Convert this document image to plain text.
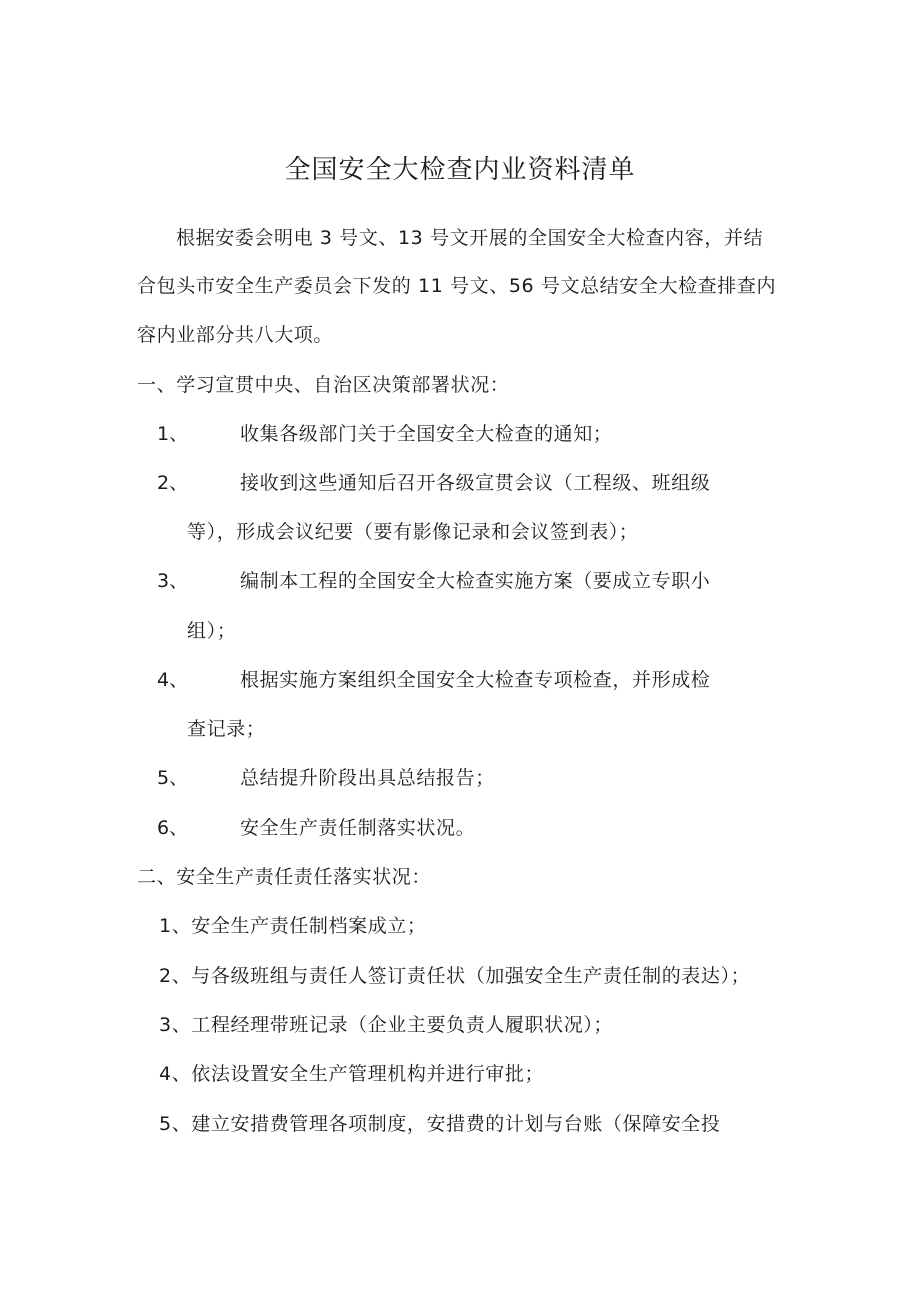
全国安全大检查内业资料清单
根据安委会明电 3 号文、13 号文开展的全国安全大检查内容，并结
合包头市安全生产委员会下发的 11 号文、56 号文总结安全大检查排查内
容内业部分共八大项。
一、学习宣贯中央、自治区决策部署状况：
1、	收集各级部门关于全国安全大检查的通知；
2、	接收到这些通知后召开各级宣贯会议（工程级、班组级
等），形成会议纪要（要有影像记录和会议签到表）；
3、	编制本工程的全国安全大检查实施方案（要成立专职小
组）；
4、	根据实施方案组织全国安全大检查专项检查，并形成检
查记录；
5、	总结提升阶段出具总结报告；
6、	安全生产责任制落实状况。
二、安全生产责任责任落实状况：
1、安全生产责任制档案成立；
2、与各级班组与责任人签订责任状（加强安全生产责任制的表达）；
3、工程经理带班记录（企业主要负责人履职状况）；
4、依法设置安全生产管理机构并进行审批；
5、建立安措费管理各项制度，安措费的计划与台账（保障安全投
